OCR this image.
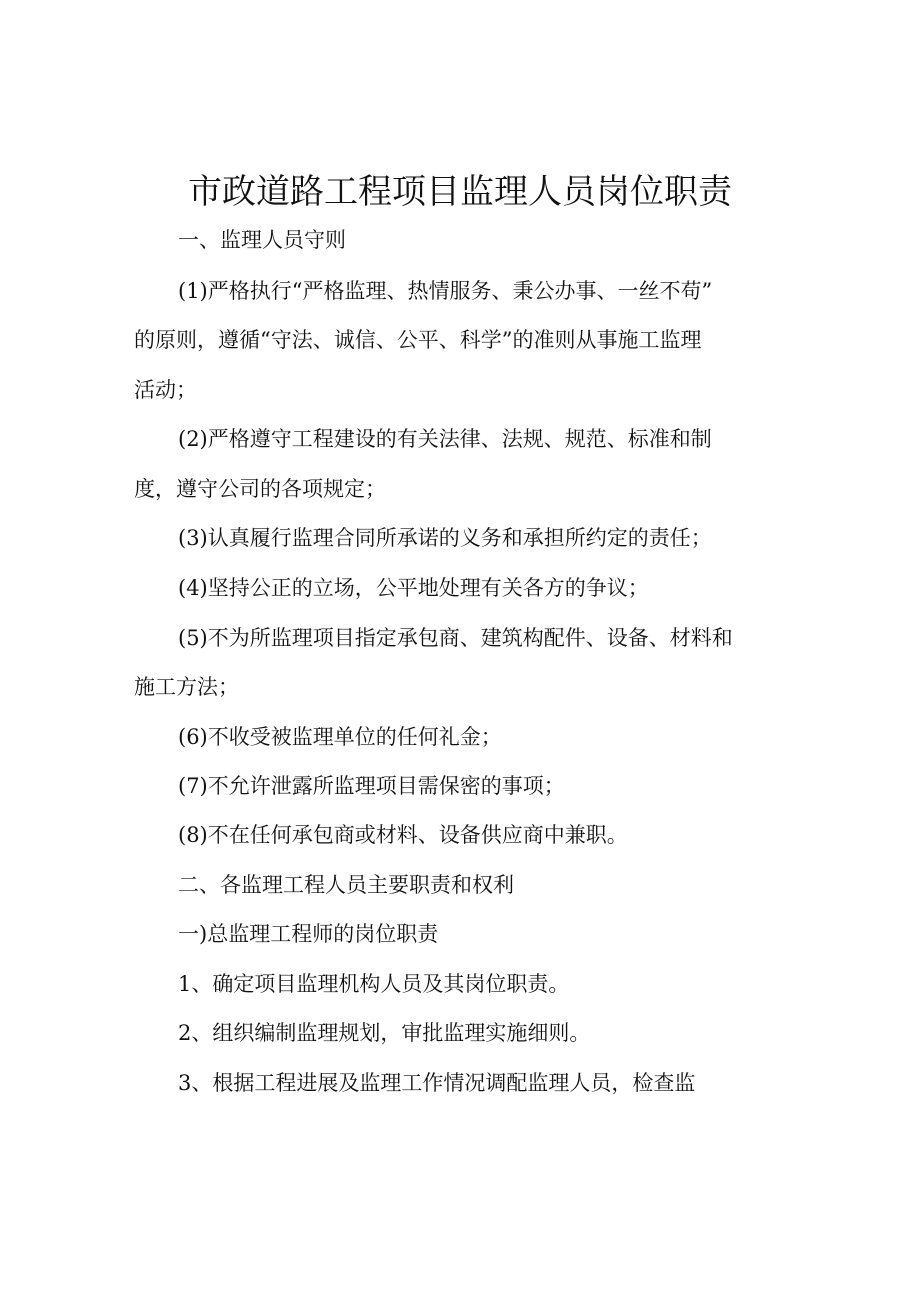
市政道路工程项目监理人员岗位职责
一、监理人员守则
(1)严格执行“严格监理、热情服务、秉公办事、一丝不苟”
的原则，遵循“守法、诚信、公平、科学”的准则从事施工监理
活动；
(2)严格遵守工程建设的有关法律、法规、规范、标准和制
度，遵守公司的各项规定；
(3)认真履行监理合同所承诺的义务和承担所约定的责任；
(4)坚持公正的立场，公平地处理有关各方的争议；
(5)不为所监理项目指定承包商、建筑构配件、设备、材料和
施工方法；
(6)不收受被监理单位的任何礼金；
(7)不允许泄露所监理项目需保密的事项；
(8)不在任何承包商或材料、设备供应商中兼职。
二、各监理工程人员主要职责和权利
一)总监理工程师的岗位职责
1、确定项目监理机构人员及其岗位职责。
2、组织编制监理规划，审批监理实施细则。
3、根据工程进展及监理工作情况调配监理人员，检查监
